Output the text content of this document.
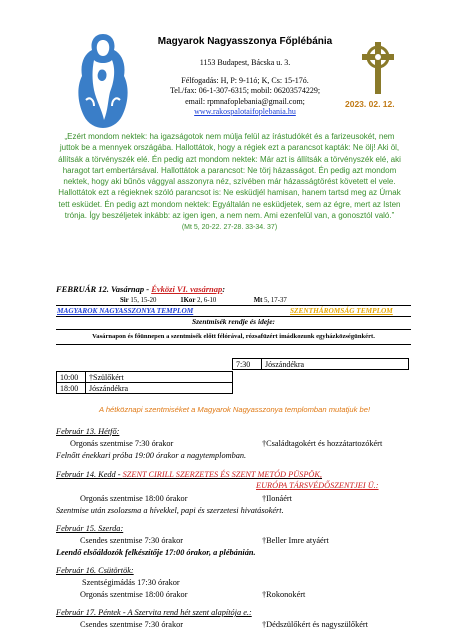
Magyarok Nagyasszonya Főplébánia
1153 Budapest, Bácska u. 3.
Félfogadás: H, P: 9-11ó; K, Cs: 15-17ó.
Tel./fax: 06-1-307-6315; mobil: 06203574229;
email: rpmnafoplebania@gmail.com;
www.rakospalotaifoplebania.hu
2023. 02. 12.
„Ezért mondom nektek: ha igazságotok nem múlja felül az írástudókét és a farizeusokét, nem juttok be a mennyek országába. Hallottátok, hogy a régiek ezt a parancsot kapták: Ne ölj! Aki öl, állítsák a törvényszék elé. Én pedig azt mondom nektek: Már azt is állítsák a törvényszék elé, aki haragot tart embertársával. Hallottátok a parancsot: Ne törj házasságot. Én pedig azt mondom nektek, hogy aki bűnös vággyal asszonyra néz, szívében már házasságtörést követett el vele. Hallottátok ezt a régieknek szóló parancsot is: Ne esküdjél hamisan, hanem tartsd meg az Úrnak tett esküdet. Én pedig azt mondom nektek: Egyáltalán ne esküdjetek, sem az égre, mert az Isten trónja. Így beszéljetek inkább: az igen igen, a nem nem. Ami ezenfelül van, a gonosztól való.”
(Mt 5, 20-22. 27-28. 33-34. 37)
FEBRUÁR 12. Vasárnap - Évközi VI. vasárnap:
Sir 15, 15-20	1Kor 2, 6-10	Mt 5, 17-37
MAGYAROK NAGYASSZONYA TEMPLOM	SZENTHÁROMSÁG TEMPLOM
Szentmisék rendje és ideje:
Vasárnapon és főünnepen a szentmisék előtt félórával, rózsafüzért imádkozunk egyházközségünkért.
10:00	†Szülőkért
18:00	Jószándékra
7:30	Jószándékra
A hétköznapi szentmiséket a Magyarok Nagyasszonya templomban mutatjuk be!
Február 13. Hétfő:
Orgonás szentmise 7:30 órakor	†Családtagokért és hozzátartozókért
Felnőtt énekkari próba 19:00 órakor a nagytemplomban.
Február 14. Kedd - SZENT CIRILL SZERZETES ÉS SZENT METÓD PÜSPÖK,
EURÓPA TÁRSVÉDŐSZENTJEI Ü.:
Orgonás szentmise 18:00 órakor	†Ilonáért
Szentmise után zsolozsma a hívekkel, papi és szerzetesi hivatásokért.
Február 15. Szerda:
Csendes szentmise 7:30 órakor	†Beller Imre atyáért
Leendő elsőáldozók felkészítője 17:00 órakor, a plébánián.
Február 16. Csütörtök:
Szentségimádás 17:30 órakor
Orgonás szentmise 18:00 órakor	†Rokonokért
Február 17. Péntek - A Szervita rend hét szent alapítója e.:
Csendes szentmise 7:30 órakor	†Dédszülőkért és nagyszülőkért
